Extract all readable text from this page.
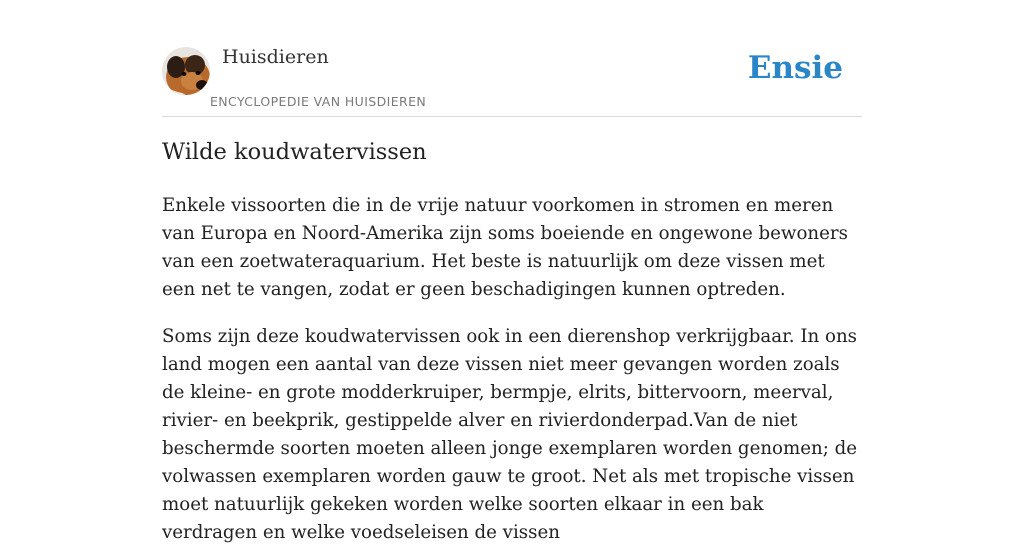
Huisdieren
ENCYCLOPEDIE VAN HUISDIEREN
Ensie
Wilde koudwatervissen

Enkele vissoorten die in de vrije natuur voorkomen in stromen en meren van Europa en Noord-Amerika zijn soms boeiende en ongewone bewoners van een zoetwateraquarium. Het beste is natuurlijk om deze vissen met een net te vangen, zodat er geen beschadigingen kunnen optreden.

Soms zijn deze koudwatervissen ook in een dierenshop verkrijgbaar. In ons land mogen een aantal van deze vissen niet meer gevangen worden zoals de kleine- en grote modderkruiper, bermpje, elrits, bittervoorn, meerval, rivier- en beekprik, gestippelde alver en rivierdonderpad.Van de niet beschermde soorten moeten alleen jonge exemplaren worden genomen; de volwassen exemplaren worden gauw te groot. Net als met tropische vissen moet natuurlijk gekeken worden welke soorten elkaar in een bak verdragen en welke voedseleisen de vissen
